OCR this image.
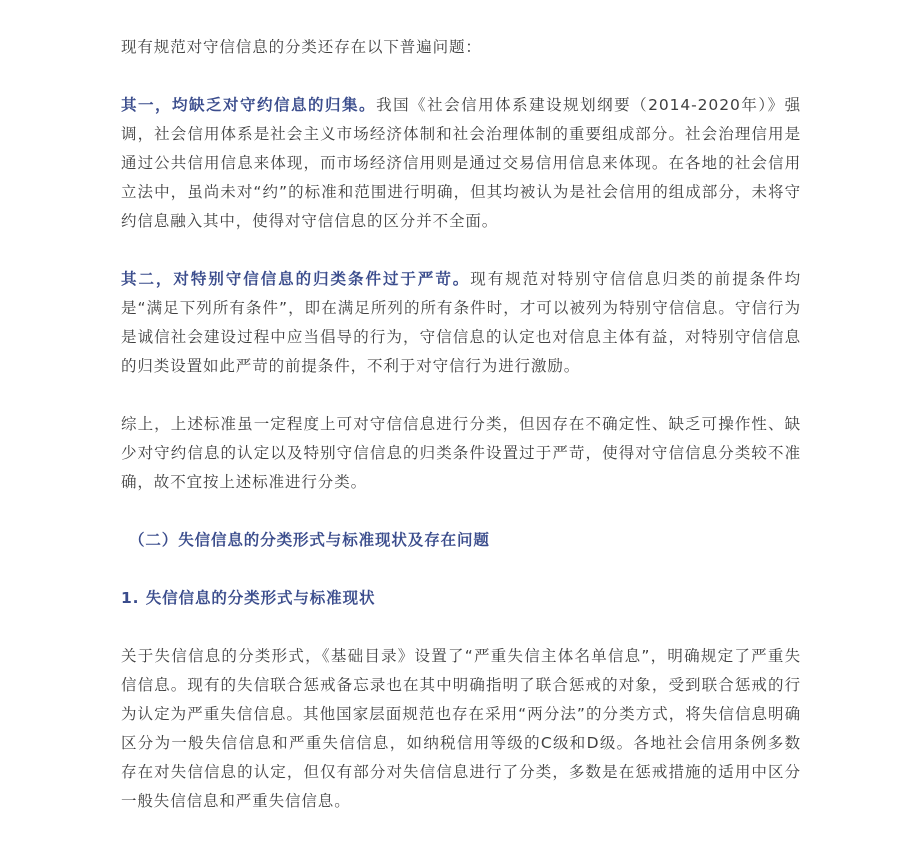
现有规范对守信信息的分类还存在以下普遍问题：

其一，均缺乏对守约信息的归集。我国《社会信用体系建设规划纲要（2014-2020年）》强调，社会信用体系是社会主义市场经济体制和社会治理体制的重要组成部分。社会治理信用是通过公共信用信息来体现，而市场经济信用则是通过交易信用信息来体现。在各地的社会信用立法中，虽尚未对“约”的标准和范围进行明确，但其均被认为是社会信用的组成部分，未将守约信息融入其中，使得对守信信息的区分并不全面。

其二，对特别守信信息的归类条件过于严苛。现有规范对特别守信信息归类的前提条件均是“满足下列所有条件”，即在满足所列的所有条件时，才可以被列为特别守信信息。守信行为是诚信社会建设过程中应当倡导的行为，守信信息的认定也对信息主体有益，对特别守信信息的归类设置如此严苛的前提条件，不利于对守信行为进行激励。

综上，上述标准虽一定程度上可对守信信息进行分类，但因存在不确定性、缺乏可操作性、缺少对守约信息的认定以及特别守信信息的归类条件设置过于严苛，使得对守信信息分类较不准确，故不宜按上述标准进行分类。

（二）失信信息的分类形式与标准现状及存在问题

1. 失信信息的分类形式与标准现状

关于失信信息的分类形式，《基础目录》设置了“严重失信主体名单信息”，明确规定了严重失信信息。现有的失信联合惩戒备忘录也在其中明确指明了联合惩戒的对象，受到联合惩戒的行为认定为严重失信信息。其他国家层面规范也存在采用“两分法”的分类方式，将失信信息明确区分为一般失信信息和严重失信信息，如纳税信用等级的C级和D级。各地社会信用条例多数存在对失信信息的认定，但仅有部分对失信信息进行了分类，多数是在惩戒措施的适用中区分一般失信信息和严重失信信息。
